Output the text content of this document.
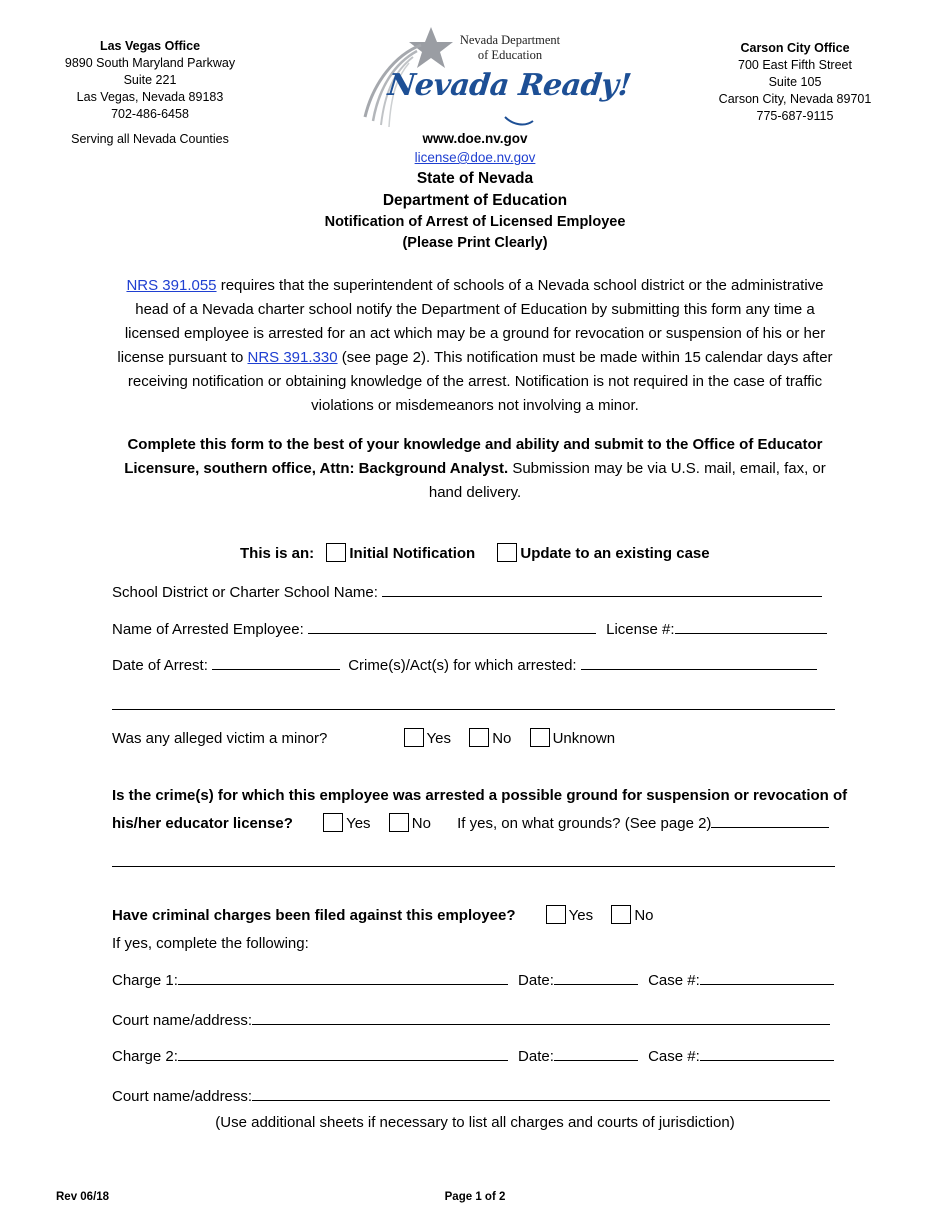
Las Vegas Office
9890 South Maryland Parkway
Suite 221
Las Vegas, Nevada 89183
702-486-6458
Serving all Nevada Counties
Carson City Office
700 East Fifth Street
Suite 105
Carson City, Nevada 89701
775-687-9115
Nevada Department
of Education
Nevada Ready!
www.doe.nv.gov
license@doe.nv.gov
State of Nevada
Department of Education
Notification of Arrest of Licensed Employee
(Please Print Clearly)
NRS 391.055 requires that the superintendent of schools of a Nevada school district or the administrative head of a Nevada charter school notify the Department of Education by submitting this form any time a licensed employee is arrested for an act which may be a ground for revocation or suspension of his or her license pursuant to NRS 391.330 (see page 2). This notification must be made within 15 calendar days after receiving notification or obtaining knowledge of the arrest. Notification is not required in the case of traffic violations or misdemeanors not involving a minor.
Complete this form to the best of your knowledge and ability and submit to the Office of Educator Licensure, southern office, Attn: Background Analyst. Submission may be via U.S. mail, email, fax, or hand delivery.
This is an: Initial Notification	Update to an existing case
School District or Charter School Name:
Name of Arrested Employee:	License #:
Date of Arrest:	Crime(s)/Act(s) for which arrested:
Was any alleged victim a minor?	Yes	No	Unknown
Is the crime(s) for which this employee was arrested a possible ground for suspension or revocation of
his/her educator license?	Yes	No If yes, on what grounds? (See page 2)
Have criminal charges been filed against this employee?	Yes	No
If yes, complete the following:
Charge 1:	Date:	Case #:
Court name/address:
Charge 2:	Date:	Case #:
Court name/address:
(Use additional sheets if necessary to list all charges and courts of jurisdiction)
Rev 06/18	Page 1 of 2
